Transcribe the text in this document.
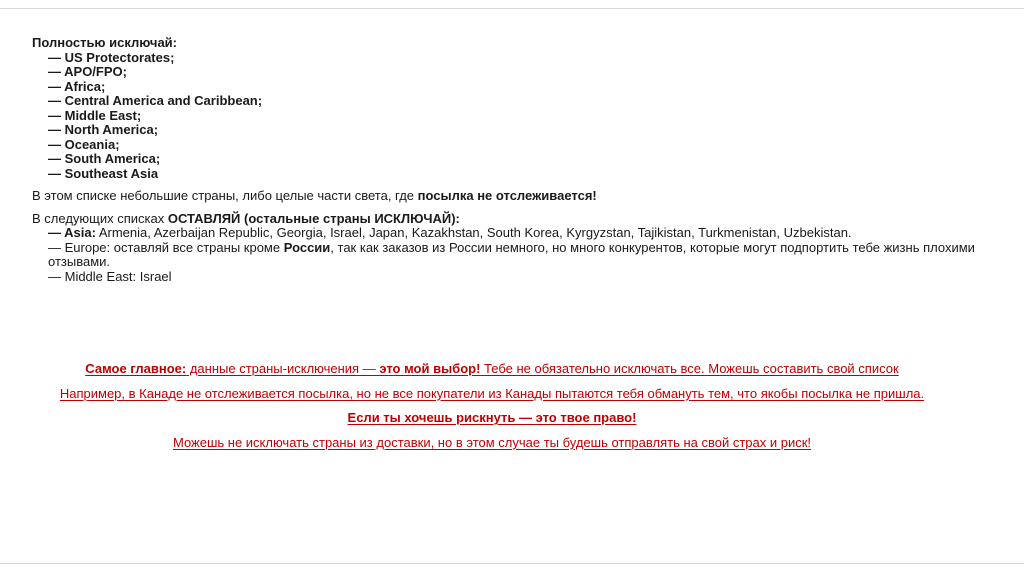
Полностью исключай:
— US Protectorates;
— APO/FPO;
— Africa;
— Central America and Caribbean;
— Middle East;
— North America;
— Oceania;
— South America;
— Southeast Asia
В этом списке небольшие страны, либо целые части света, где посылка не отслеживается!
В следующих списках ОСТАВЛЯЙ (остальные страны ИСКЛЮЧАЙ):
— Asia: Armenia, Azerbaijan Republic, Georgia, Israel, Japan, Kazakhstan, South Korea, Kyrgyzstan, Tajikistan, Turkmenistan, Uzbekistan.
— Europe: оставляй все страны кроме России, так как заказов из России немного, но много конкурентов, которые могут подпортить тебе жизнь плохими отзывами.
— Middle East: Israel

Самое главное: данные страны-исключения — это мой выбор! Тебе не обязательно исключать все. Можешь составить свой список

Например, в Канаде не отслеживается посылка, но не все покупатели из Канады пытаются тебя обмануть тем, что якобы посылка не пришла.

Если ты хочешь рискнуть — это твое право!

Можешь не исключать страны из доставки, но в этом случае ты будешь отправлять на свой страх и риск!
